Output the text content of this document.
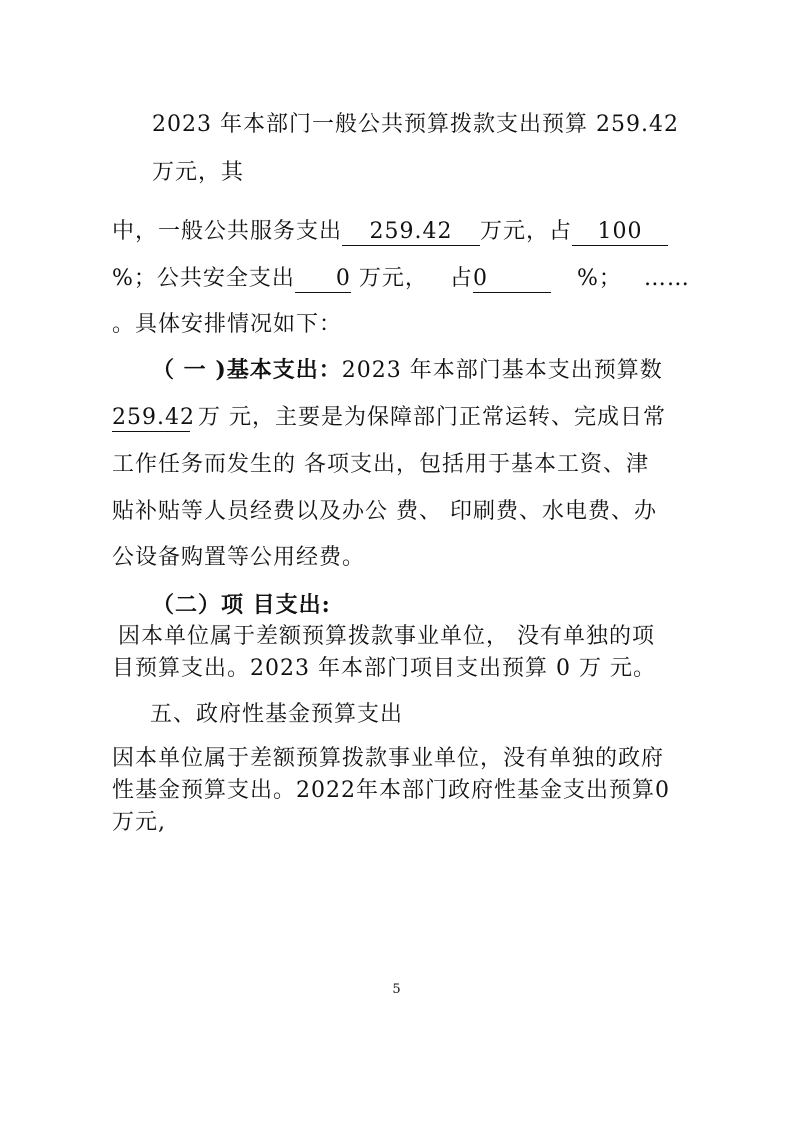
2023 年本部门一般公共预算拨款支出预算 259.42
万元，其
中，一般公共服务支出 259.42 万元，占 100
%；公共安全支出 0 万元， 占0	%； ……
。具体安排情况如下：
（ 一 )基本支出：2023 年本部门基本支出预算数
259.42 万 元，主要是为保障部门正常运转、完成日常
工作任务而发生的 各项支出，包括用于基本工资、津
贴补贴等人员经费以及办公 费、 印刷费、水电费、办
公设备购置等公用经费。
（二）项 目支出:
因本单位属于差额预算拨款事业单位， 没有单独的项
目预算支出。2023 年本部门项目支出预算 0 万 元。
五、政府性基金预算支出
因本单位属于差额预算拨款事业单位，没有单独的政府
性基金预算支出。2022年本部门政府性基金支出预算0
万元,
5
